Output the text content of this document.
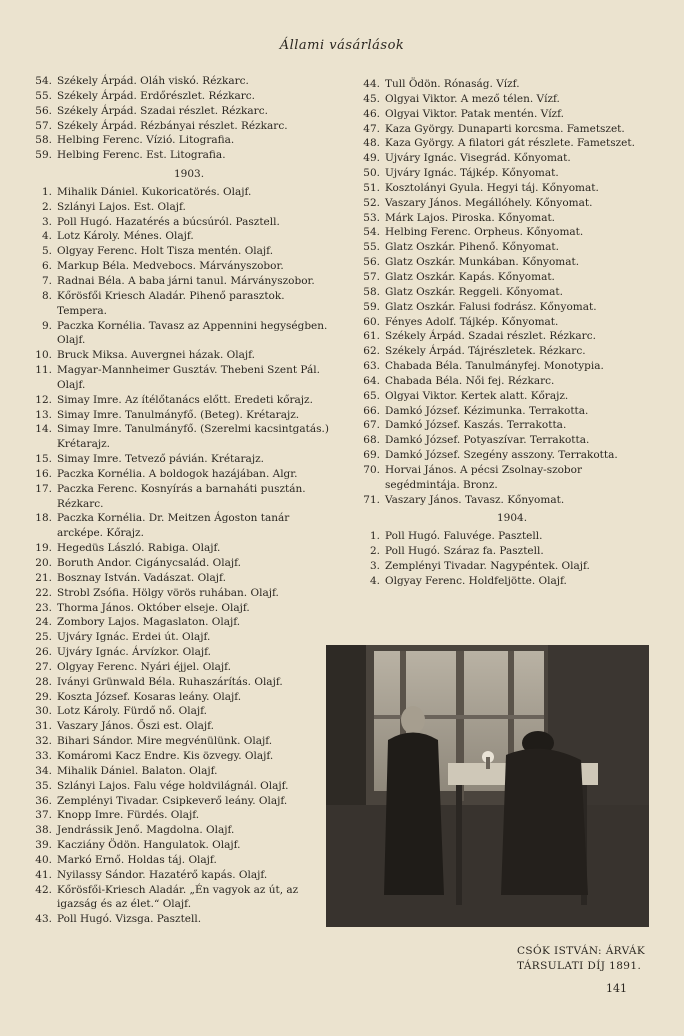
Állami vásárlások
54. Székely Árpád. Oláh viskó. Rézkarc.
55. Székely Árpád. Erdőrészlet. Rézkarc.
56. Székely Árpád. Szadai részlet. Rézkarc.
57. Székely Árpád. Rézbányai részlet. Rézkarc.
58. Helbing Ferenc. Vízió. Litografia.
59. Helbing Ferenc. Est. Litografia.
1903.
1. Mihalik Dániel. Kukoricatörés. Olajf.
2. Szlányi Lajos. Est. Olajf.
3. Poll Hugó. Hazatérés a búcsúról. Pasztell.
4. Lotz Károly. Ménes. Olajf.
5. Olgyay Ferenc. Holt Tisza mentén. Olajf.
6. Markup Béla. Medvebocs. Márványszobor.
7. Radnai Béla. A baba járni tanul. Márványszobor.
8. Kőrösfői Kriesch Aladár. Pihenő parasztok. Tempera.
9. Paczka Kornélia. Tavasz az Appennini hegységben. Olajf.
10. Bruck Miksa. Auvergnei házak. Olajf.
11. Magyar-Mannheimer Gusztáv. Thebeni Szent Pál. Olajf.
12. Simay Imre. Az ítélőtanács előtt. Eredeti kőrajz.
13. Simay Imre. Tanulmányfő. (Beteg). Krétarajz.
14. Simay Imre. Tanulmányfő. (Szerelmi kacsintgatás.) Krétarajz.
15. Simay Imre. Tetvező pávián. Krétarajz.
16. Paczka Kornélia. A boldogok hazájában. Algr.
17. Paczka Ferenc. Kosnyírás a barnaháti pusztán. Rézkarc.
18. Paczka Kornélia. Dr. Meitzen Ágoston tanár arcképe. Kőrajz.
19. Hegedüs László. Rabiga. Olajf.
20. Boruth Andor. Cigánycsalád. Olajf.
21. Bosznay István. Vadászat. Olajf.
22. Strobl Zsófia. Hölgy vörös ruhában. Olajf.
23. Thorma János. Október elseje. Olajf.
24. Zombory Lajos. Magaslaton. Olajf.
25. Ujváry Ignác. Erdei út. Olajf.
26. Ujváry Ignác. Árvízkor. Olajf.
27. Olgyay Ferenc. Nyári éjjel. Olajf.
28. Iványi Grünwald Béla. Ruhaszárítás. Olajf.
29. Koszta József. Kosaras leány. Olajf.
30. Lotz Károly. Fürdő nő. Olajf.
31. Vaszary János. Őszi est. Olajf.
32. Bihari Sándor. Mire megvénülünk. Olajf.
33. Komáromi Kacz Endre. Kis özvegy. Olajf.
34. Mihalik Dániel. Balaton. Olajf.
35. Szlányi Lajos. Falu vége holdvilágnál. Olajf.
36. Zemplényi Tivadar. Csipkeverő leány. Olajf.
37. Knopp Imre. Fürdés. Olajf.
38. Jendrássik Jenő. Magdolna. Olajf.
39. Kacziány Ödön. Hangulatok. Olajf.
40. Markó Ernő. Holdas táj. Olajf.
41. Nyilassy Sándor. Hazatérő kapás. Olajf.
42. Kőrösfői-Kriesch Aladár. „Én vagyok az út, az igazság és az élet.“ Olajf.
43. Poll Hugó. Vizsga. Pasztell.
44. Tull Ödön. Rónaság. Vízf.
45. Olgyai Viktor. A mező télen. Vízf.
46. Olgyai Viktor. Patak mentén. Vízf.
47. Kaza György. Dunaparti korcsma. Fametszet.
48. Kaza György. A filatori gát részlete. Fametszet.
49. Ujváry Ignác. Visegrád. Kőnyomat.
50. Ujváry Ignác. Tájkép. Kőnyomat.
51. Kosztolányi Gyula. Hegyi táj. Kőnyomat.
52. Vaszary János. Megállóhely. Kőnyomat.
53. Márk Lajos. Piroska. Kőnyomat.
54. Helbing Ferenc. Orpheus. Kőnyomat.
55. Glatz Oszkár. Pihenő. Kőnyomat.
56. Glatz Oszkár. Munkában. Kőnyomat.
57. Glatz Oszkár. Kapás. Kőnyomat.
58. Glatz Oszkár. Reggeli. Kőnyomat.
59. Glatz Oszkár. Falusi fodrász. Kőnyomat.
60. Fényes Adolf. Tájkép. Kőnyomat.
61. Székely Árpád. Szadai részlet. Rézkarc.
62. Székely Árpád. Tájrészletek. Rézkarc.
63. Chabada Béla. Tanulmányfej. Monotypia.
64. Chabada Béla. Női fej. Rézkarc.
65. Olgyai Viktor. Kertek alatt. Kőrajz.
66. Damkó József. Kézimunka. Terrakotta.
67. Damkó József. Kaszás. Terrakotta.
68. Damkó József. Potyaszívar. Terrakotta.
69. Damkó József. Szegény asszony. Terrakotta.
70. Horvai János. A pécsi Zsolnay-szobor segédmintája. Bronz.
71. Vaszary János. Tavasz. Kőnyomat.
1904.
1. Poll Hugó. Faluvége. Pasztell.
2. Poll Hugó. Száraz fa. Pasztell.
3. Zemplényi Tivadar. Nagypéntek. Olajf.
4. Olgyay Ferenc. Holdfeljötte. Olajf.
CSÓK ISTVÁN: ÁRVÁK
TÁRSULATI DÍJ 1891.
141
